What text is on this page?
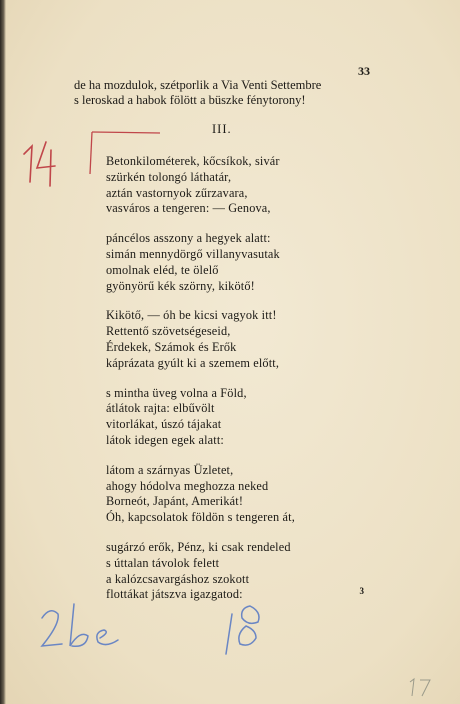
33
de ha mozdulok, szétporlik a Via Venti Settembre
s leroskad a habok fölött a büszke fénytorony!
III.
Betonkilométerek, kőcsíkok, sivár
szürkén tolongó láthatár,
aztán vastornyok zűrzavara,
vasváros a tengeren: — Genova,
páncélos asszony a hegyek alatt:
simán mennydörgő villanyvasutak
omolnak eléd, te ölelő
gyönyörű kék szörny, kikötő!
Kikötő, — óh be kicsi vagyok itt!
Rettentő szövetségeseid,
Érdekek, Számok és Erők
káprázata gyúlt ki a szemem előtt,
s mintha üveg volna a Föld,
átlátok rajta: elbűvölt
vitorlákat, úszó tájakat
látok idegen egek alatt:
látom a szárnyas Üzletet,
ahogy hódolva meghozza neked
Borneót, Japánt, Amerikát!
Óh, kapcsolatok földön s tengeren át,
sugárzó erők, Pénz, ki csak rendeled
s úttalan távolok felett
a kalózcsavargáshoz szokott
flottákat játszva igazgatod:	3
